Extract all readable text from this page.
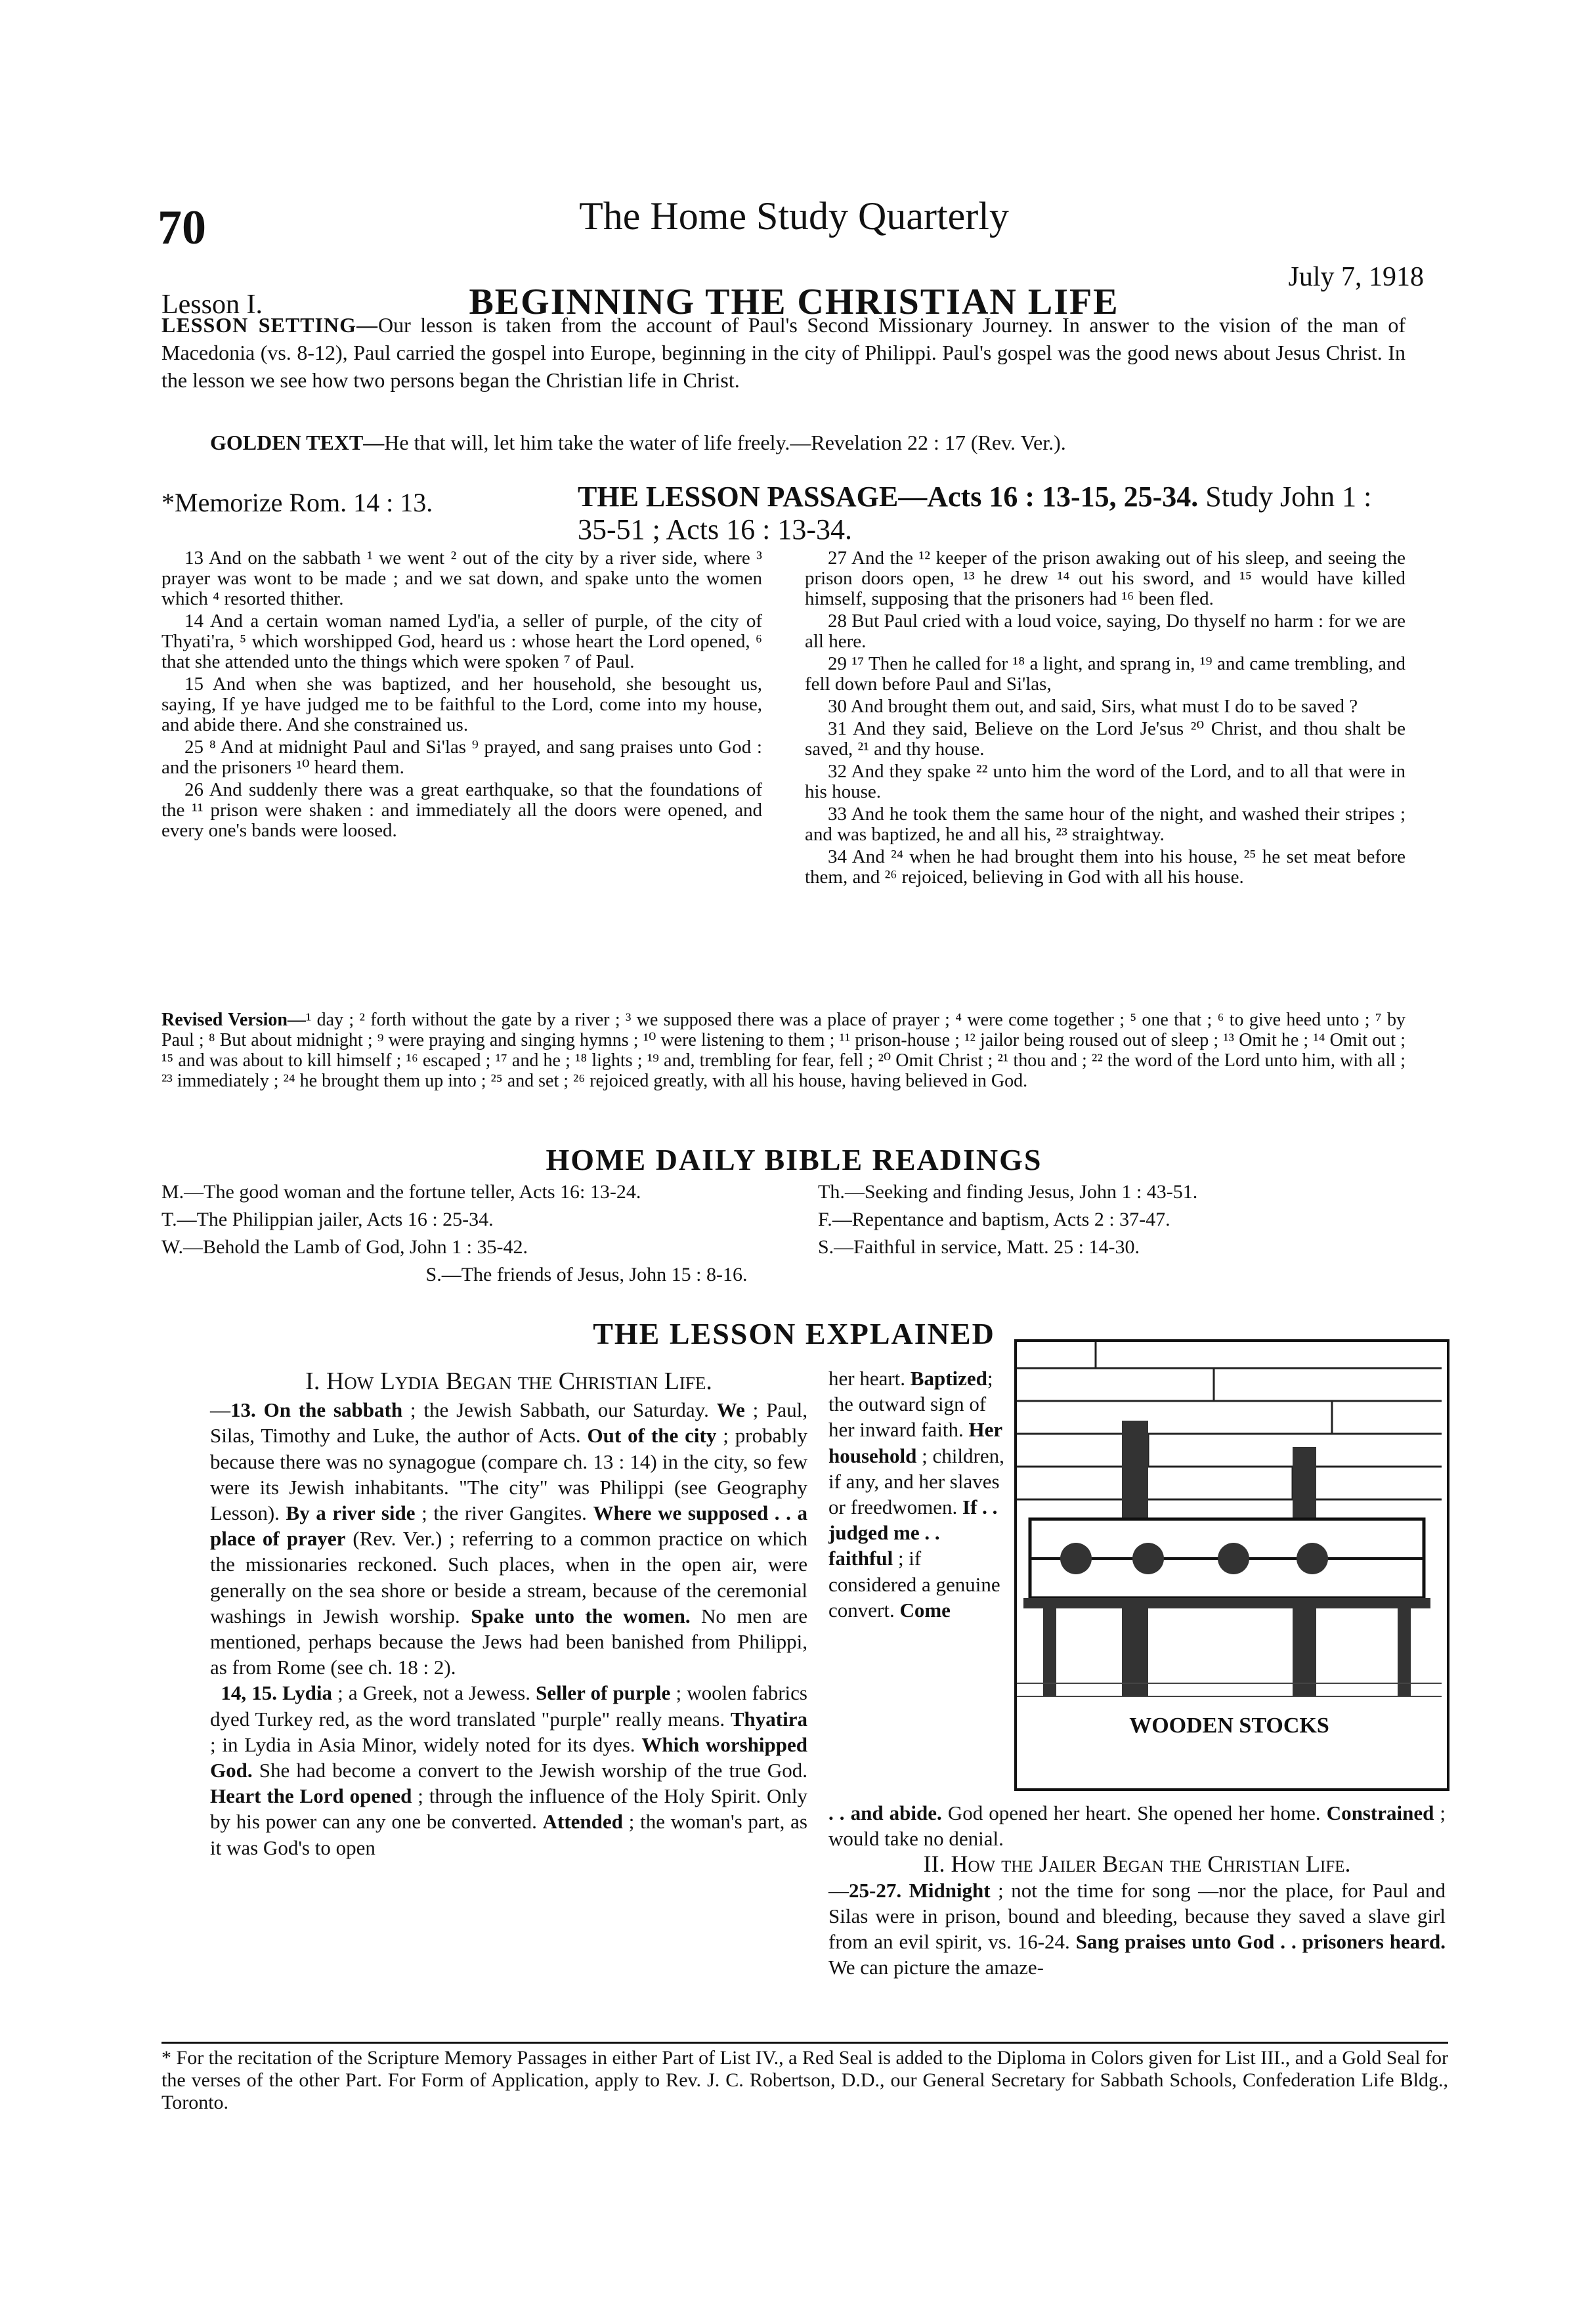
70	The Home Study Quarterly
Lesson I.	BEGINNING THE CHRISTIAN LIFE
July 7, 1918
LESSON SETTING—Our lesson is taken from the account of Paul's Second Missionary Journey. In answer to the vision of the man of Macedonia (vs. 8-12), Paul carried the gospel into Europe, beginning in the city of Philippi. Paul's gospel was the good news about Jesus Christ. In the lesson we see how two persons began the Christian life in Christ.
GOLDEN TEXT—He that will, let him take the water of life freely.—Revelation 22 : 17 (Rev. Ver.).
*Memorize Rom. 14 : 13.	THE LESSON PASSAGE—Acts 16 : 13-15, 25-34. Study John 1 : 35-51 ; Acts 16 : 13-34.

13 And on the sabbath ¹ we went ² out of the city by a river side, where ³ prayer was wont to be made ; and we sat down, and spake unto the women which ⁴ resorted thither.

14 And a certain woman named Lyd'ia, a seller of purple, of the city of Thyati'ra, ⁵ which worshipped God, heard us : whose heart the Lord opened, ⁶ that she attended unto the things which were spoken ⁷ of Paul.

15 And when she was baptized, and her household, she besought us, saying, If ye have judged me to be faithful to the Lord, come into my house, and abide there. And she constrained us.

25 ⁸ And at midnight Paul and Si'las ⁹ prayed, and sang praises unto God : and the prisoners ¹⁰ heard them.

26 And suddenly there was a great earthquake, so that the foundations of the ¹¹ prison were shaken : and immediately all the doors were opened, and every one's bands were loosed.

27 And the ¹² keeper of the prison awaking out of his sleep, and seeing the prison doors open, ¹³ he drew ¹⁴ out his sword, and ¹⁵ would have killed himself, supposing that the prisoners had ¹⁶ been fled.

28 But Paul cried with a loud voice, saying, Do thyself no harm : for we are all here.

29 ¹⁷ Then he called for ¹⁸ a light, and sprang in, ¹⁹ and came trembling, and fell down before Paul and Si'las,

30 And brought them out, and said, Sirs, what must I do to be saved ?

31 And they said, Believe on the Lord Je'sus ²⁰ Christ, and thou shalt be saved, ²¹ and thy house.

32 And they spake ²² unto him the word of the Lord, and to all that were in his house.

33 And he took them the same hour of the night, and washed their stripes ; and was baptized, he and all his, ²³ straightway.

34 And ²⁴ when he had brought them into his house, ²⁵ he set meat before them, and ²⁶ rejoiced, believing in God with all his house.

Revised Version—¹ day ; ² forth without the gate by a river ; ³ we supposed there was a place of prayer ; ⁴ were come together ; ⁵ one that ; ⁶ to give heed unto ; ⁷ by Paul ; ⁸ But about midnight ; ⁹ were praying and singing hymns ; ¹⁰ were listening to them ; ¹¹ prison-house ; ¹² jailor being roused out of sleep ; ¹³ Omit he ; ¹⁴ Omit out ; ¹⁵ and was about to kill himself ; ¹⁶ escaped ; ¹⁷ and he ; ¹⁸ lights ; ¹⁹ and, trembling for fear, fell ; ²⁰ Omit Christ ; ²¹ thou and ; ²² the word of the Lord unto him, with all ; ²³ immediately ; ²⁴ he brought them up into ; ²⁵ and set ; ²⁶ rejoiced greatly, with all his house, having believed in God.
HOME DAILY BIBLE READINGS
M.—The good woman and the fortune teller, Acts 16: 13-24.	Th.—Seeking and finding Jesus, John 1 : 43-51.
T.—The Philippian jailer, Acts 16 : 25-34.	F.—Repentance and baptism, Acts 2 : 37-47.
W.—Behold the Lamb of God, John 1 : 35-42.	S.—Faithful in service, Matt. 25 : 14-30.
S.—The friends of Jesus, John 15 : 8-16.
THE LESSON EXPLAINED
I. How Lydia Began the Christian Life.
—13. On the sabbath ; the Jewish Sabbath, our Saturday. We ; Paul, Silas, Timothy and Luke, the author of Acts. Out of the city ; probably because there was no synagogue (compare ch. 13 : 14) in the city, so few were its Jewish inhabitants. "The city" was Philippi (see Geography Lesson). By a river side ; the river Gangites. Where we supposed . . a place of prayer (Rev. Ver.) ; referring to a common practice on which the missionaries reckoned. Such places, when in the open air, were generally on the sea shore or beside a stream, because of the ceremonial washings in Jewish worship. Spake unto the women. No men are mentioned, perhaps because the Jews had been banished from Philippi, as from Rome (see ch. 18 : 2).
14, 15. Lydia ; a Greek, not a Jewess. Seller of purple ; woolen fabrics dyed Turkey red, as the word translated "purple" really means. Thyatira ; in Lydia in Asia Minor, widely noted for its dyes. Which worshipped God. She had become a convert to the Jewish worship of the true God. Heart the Lord opened ; through the influence of the Holy Spirit. Only by his power can any one be converted. Attended ; the woman's part, as it was God's to open
her heart. Baptized; the outward sign of her inward faith. Her household ; children, if any, and her slaves or freedwomen. If . . judged me . . faithful ; if considered a genuine convert. Come
WOODEN STOCKS
. . and abide. God opened her heart. She opened her home. Constrained ; would take no denial.
II. How the Jailer Began the Christian Life.
—25-27. Midnight ; not the time for song —nor the place, for Paul and Silas were in prison, bound and bleeding, because they saved a slave girl from an evil spirit, vs. 16-24. Sang praises unto God . . prisoners heard. We can picture the amaze-
* For the recitation of the Scripture Memory Passages in either Part of List IV., a Red Seal is added to the Diploma in Colors given for List III., and a Gold Seal for the verses of the other Part. For Form of Application, apply to Rev. J. C. Robertson, D.D., our General Secretary for Sabbath Schools, Confederation Life Bldg., Toronto.
